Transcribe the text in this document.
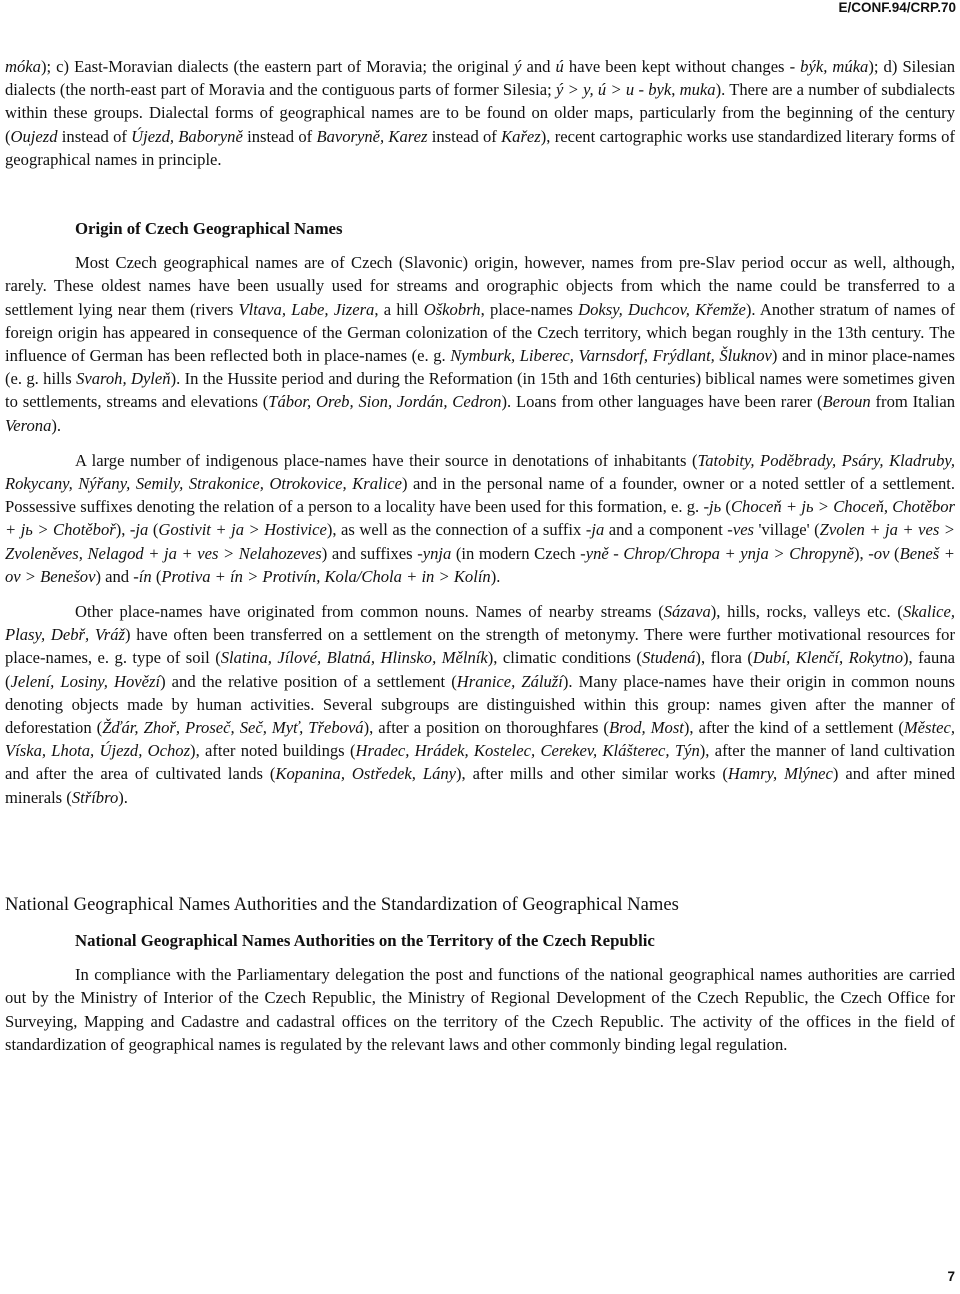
E/CONF.94/CRP.70

móka); c) East-Moravian dialects (the eastern part of Moravia; the original ý and ú have been kept without changes - býk, múka); d) Silesian dialects (the north-east part of Moravia and the contiguous parts of former Silesia; ý > y, ú > u - byk, muka). There are a number of subdialects within these groups. Dialectal forms of geographical names are to be found on older maps, particularly from the beginning of the century (Oujezd instead of Újezd, Baboryně instead of Bavoryně, Karez instead of Kařez), recent cartographic works use standardized literary forms of geographical names in principle.

Origin of Czech Geographical Names

Most Czech geographical names are of Czech (Slavonic) origin, however, names from pre-Slav period occur as well, although, rarely. These oldest names have been usually used for streams and orographic objects from which the name could be transferred to a settlement lying near them (rivers Vltava, Labe, Jizera, a hill Oškobrh, place-names Doksy, Duchcov, Křemže). Another stratum of names of foreign origin has appeared in consequence of the German colonization of the Czech territory, which began roughly in the 13th century. The influence of German has been reflected both in place-names (e. g. Nymburk, Liberec, Varnsdorf, Frýdlant, Šluknov) and in minor place-names (e. g. hills Svaroh, Dyleň). In the Hussite period and during the Reformation (in 15th and 16th centuries) biblical names were sometimes given to settlements, streams and elevations (Tábor, Oreb, Sion, Jordán, Cedron). Loans from other languages have been rarer (Beroun from Italian Verona).

A large number of indigenous place-names have their source in denotations of inhabitants (Tatobity, Poděbrady, Psáry, Kladruby, Rokycany, Nýřany, Semily, Strakonice, Otrokovice, Kralice) and in the personal name of a founder, owner or a noted settler of a settlement. Possessive suffixes denoting the relation of a person to a locality have been used for this formation, e. g. -jь (Choceň + jь > Choceň, Chotěbor + jь > Chotěboř), -ja (Gostivit + ja > Hostivice), as well as the connection of a suffix -ja and a component -ves 'village' (Zvolen + ja + ves > Zvoleněves, Nelagod + ja + ves > Nelahozeves) and suffixes -ynja (in modern Czech -yně - Chrop/Chropa + ynja > Chropyně), -ov (Beneš + ov > Benešov) and -ín (Protiva + ín > Protivín, Kola/Chola + in > Kolín).

Other place-names have originated from common nouns. Names of nearby streams (Sázava), hills, rocks, valleys etc. (Skalice, Plasy, Debř, Vráž) have often been transferred on a settlement on the strength of metonymy. There were further motivational resources for place-names, e. g. type of soil (Slatina, Jílové, Blatná, Hlinsko, Mělník), climatic conditions (Studená), flora (Dubí, Klenčí, Rokytno), fauna (Jelení, Losiny, Hovězí) and the relative position of a settlement (Hranice, Záluží). Many place-names have their origin in common nouns denoting objects made by human activities. Several subgroups are distinguished within this group: names given after the manner of deforestation (Žďár, Zhoř, Proseč, Seč, Myť, Třebová), after a position on thoroughfares (Brod, Most), after the kind of a settlement (Městec, Víska, Lhota, Újezd, Ochoz), after noted buildings (Hradec, Hrádek, Kostelec, Cerekev, Klášterec, Týn), after the manner of land cultivation and after the area of cultivated lands (Kopanina, Ostředek, Lány), after mills and other similar works (Hamry, Mlýnec) and after mined minerals (Stříbro).

National Geographical Names Authorities and the Standardization of Geographical Names
National Geographical Names Authorities on the Territory of the Czech Republic

In compliance with the Parliamentary delegation the post and functions of the national geographical names authorities are carried out by the Ministry of Interior of the Czech Republic, the Ministry of Regional Development of the Czech Republic, the Czech Office for Surveying, Mapping and Cadastre and cadastral offices on the territory of the Czech Republic. The activity of the offices in the field of standardization of geographical names is regulated by the relevant laws and other commonly binding legal regulation.

7
